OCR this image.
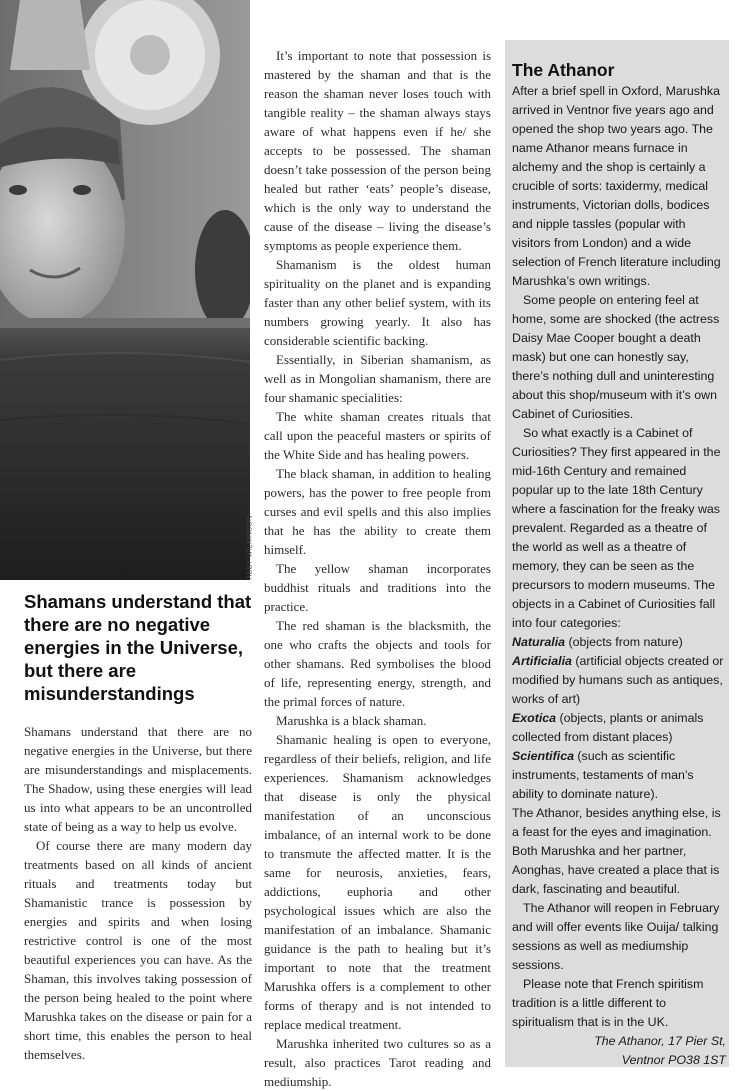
ABBY WILKINSON
Shamans understand that there are no negative energies in the Universe, but there are misunderstandings

Shamans understand that there are no negative energies in the Universe, but there are misunderstandings and misplacements. The Shadow, using these energies will lead us into what appears to be an uncontrolled state of being as a way to help us evolve.

Of course there are many modern day treatments based on all kinds of ancient rituals and treatments today but Shamanistic trance is possession by energies and spirits and when losing restrictive control is one of the most beautiful experiences you can have. As the Shaman, this involves taking possession of the person being healed to the point where Marushka takes on the disease or pain for a short time, this enables the person to heal themselves.

It’s important to note that possession is mastered by the shaman and that is the reason the shaman never loses touch with tangible reality – the shaman always stays aware of what happens even if he/ she accepts to be possessed. The shaman doesn’t take possession of the person being healed but rather ‘eats’ people’s disease, which is the only way to understand the cause of the disease – living the disease’s symptoms as people experience them.

Shamanism is the oldest human spirituality on the planet and is expanding faster than any other belief system, with its numbers growing yearly. It also has considerable scientific backing.

Essentially, in Siberian shamanism, as well as in Mongolian shamanism, there are four shamanic specialities:

The white shaman creates rituals that call upon the peaceful masters or spirits of the White Side and has healing powers.

The black shaman, in addition to healing powers, has the power to free people from curses and evil spells and this also implies that he has the ability to create them himself.

The yellow shaman incorporates buddhist rituals and traditions into the practice.

The red shaman is the blacksmith, the one who crafts the objects and tools for other shamans. Red symbolises the blood of life, representing energy, strength, and the primal forces of nature.

Marushka is a black shaman.

Shamanic healing is open to everyone, regardless of their beliefs, religion, and life experiences. Shamanism acknowledges that disease is only the physical manifestation of an unconscious imbalance, of an internal work to be done to transmute the affected matter. It is the same for neurosis, anxieties, fears, addictions, euphoria and other psychological issues which are also the manifestation of an imbalance. Shamanic guidance is the path to healing but it’s important to note that the treatment Marushka offers is a complement to other forms of therapy and is not intended to replace medical treatment.

Marushka inherited two cultures so as a result, also practices Tarot reading and mediumship.

The Athanor

After a brief spell in Oxford, Marushka arrived in Ventnor five years ago and opened the shop two years ago. The name Athanor means furnace in alchemy and the shop is certainly a crucible of sorts: taxidermy, medical instruments, Victorian dolls, bodices and nipple tassles (popular with visitors from London) and a wide selection of French literature including Marushka’s own writings.

Some people on entering feel at home, some are shocked (the actress Daisy Mae Cooper bought a death mask) but one can honestly say, there’s nothing dull and uninteresting about this shop/museum with it’s own Cabinet of Curiosities.

So what exactly is a Cabinet of Curiosities? They first appeared in the mid-16th Century and remained popular up to the late 18th Century where a fascination for the freaky was prevalent. Regarded as a theatre of the world as well as a theatre of memory, they can be seen as the precursors to modern museums. The objects in a Cabinet of Curiosities fall into four categories:

Naturalia (objects from nature)

Artificialia (artificial objects created or modified by humans such as antiques, works of art)

Exotica (objects, plants or animals collected from distant places)

Scientifica (such as scientific instruments, testaments of man’s ability to dominate nature).

The Athanor, besides anything else, is a feast for the eyes and imagination. Both Marushka and her partner, Aonghas, have created a place that is dark, fascinating and beautiful.

The Athanor will reopen in February and will offer events like Ouija/ talking sessions as well as mediumship sessions.

Please note that French spiritism tradition is a little different to spiritualism that is in the UK.

The Athanor, 17 Pier St,

Ventnor PO38 1ST
